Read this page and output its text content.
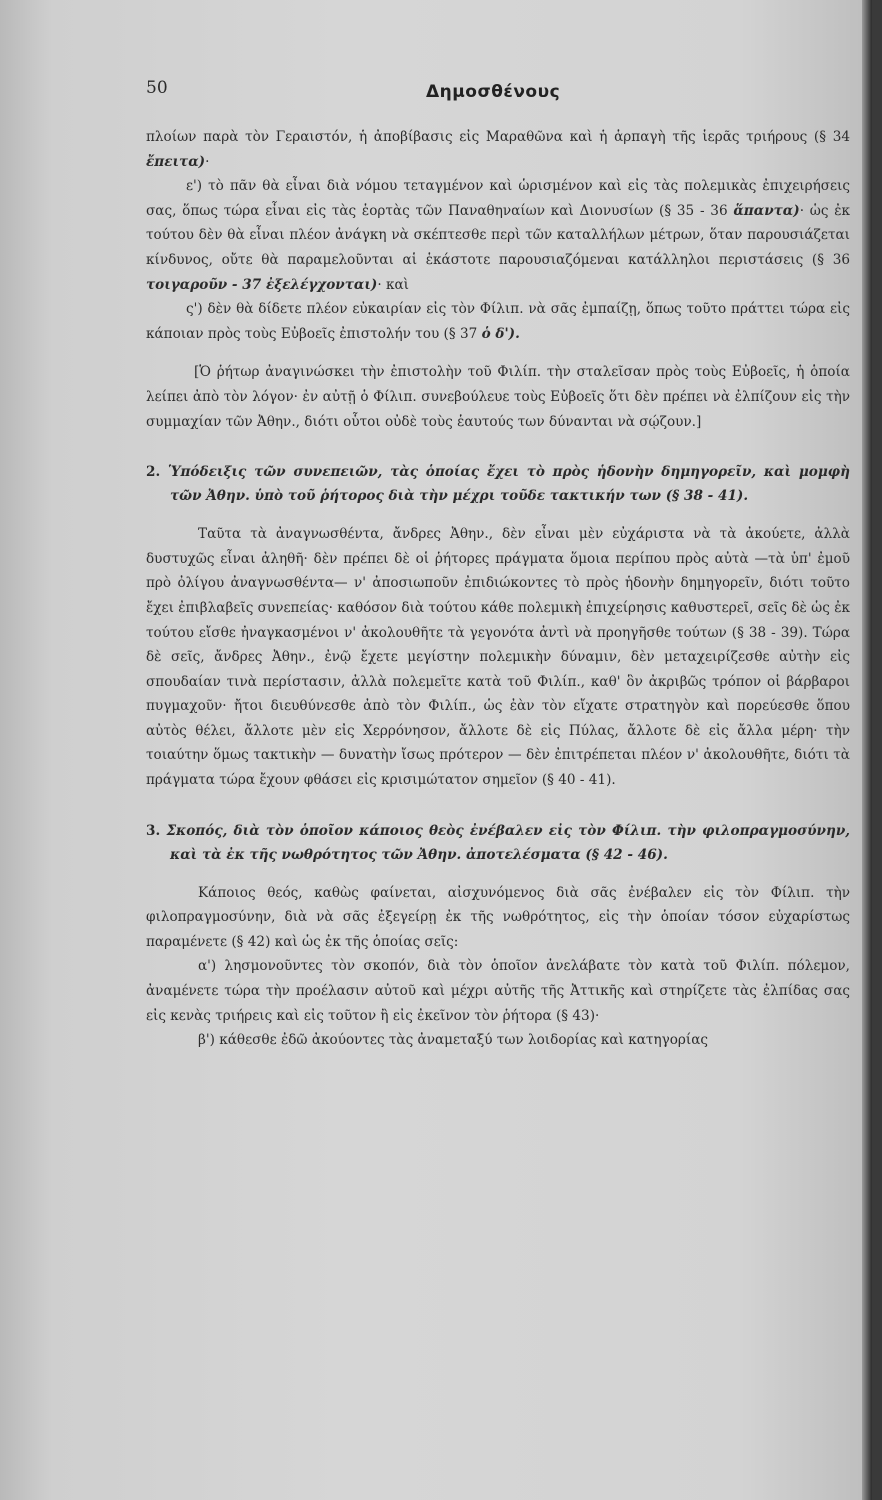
50	Δημοσθένους

πλοίων παρὰ τὸν Γεραιστόν, ἡ ἀποβίβασις εἰς Μαραθῶνα καὶ ἡ ἁρπαγὴ τῆς ἱερᾶς τριήρους (§ 34 ἔπειτα)·

ε') τὸ πᾶν θὰ εἶναι διὰ νόμου τεταγμένον καὶ ὡρισμένον καὶ εἰς τὰς πολεμικὰς ἐπιχειρήσεις σας, ὅπως τώρα εἶναι εἰς τὰς ἑορτὰς τῶν Παναθηναίων καὶ Διονυσίων (§ 35 - 36 ἅπαντα)· ὡς ἐκ τούτου δὲν θὰ εἶναι πλέον ἀνάγκη νὰ σκέπτεσθε περὶ τῶν καταλλήλων μέτρων, ὅταν παρουσιάζεται κίνδυνος, οὔτε θὰ παραμελοῦνται αἱ ἑκάστοτε παρουσιαζόμεναι κατάλληλοι περιστάσεις (§ 36 τοιγαροῦν - 37 ἐξελέγχονται)· καὶ

ς') δὲν θὰ δίδετε πλέον εὐκαιρίαν εἰς τὸν Φίλιπ. νὰ σᾶς ἐμπαίζῃ, ὅπως τοῦτο πράττει τώρα εἰς κάποιαν πρὸς τοὺς Εὐβοεῖς ἐπιστολήν του (§ 37 ὁ δ').

[Ὁ ῥήτωρ ἀναγινώσκει τὴν ἐπιστολὴν τοῦ Φιλίπ. τὴν σταλεῖσαν πρὸς τοὺς Εὐβοεῖς, ἡ ὁποία λείπει ἀπὸ τὸν λόγον· ἐν αὐτῇ ὁ Φίλιπ. συνεβούλευε τοὺς Εὐβοεῖς ὅτι δὲν πρέπει νὰ ἐλπίζουν εἰς τὴν συμμαχίαν τῶν Ἀθην., διότι οὗτοι οὐδὲ τοὺς ἑαυτούς των δύνανται νὰ σῴζουν.]

2. Ὑπόδειξις τῶν συνεπειῶν, τὰς ὁποίας ἔχει τὸ πρὸς ἡδονὴν δημηγορεῖν, καὶ μομφὴ τῶν Ἀθην. ὑπὸ τοῦ ῥήτορος διὰ τὴν μέχρι τοῦδε τακτικήν των (§ 38 - 41).

Ταῦτα τὰ ἀναγνωσθέντα, ἄνδρες Ἀθην., δὲν εἶναι μὲν εὐχάριστα νὰ τὰ ἀκούετε, ἀλλὰ δυστυχῶς εἶναι ἀληθῆ· δὲν πρέπει δὲ οἱ ῥήτορες πράγματα ὅμοια περίπου πρὸς αὐτὰ —τὰ ὑπ' ἐμοῦ πρὸ ὀλίγου ἀναγνωσθέντα— ν' ἀποσιωποῦν ἐπιδιώκοντες τὸ πρὸς ἡδονὴν δημηγορεῖν, διότι τοῦτο ἔχει ἐπιβλαβεῖς συνεπείας· καθόσον διὰ τούτου κάθε πολεμικὴ ἐπιχείρησις καθυστερεῖ, σεῖς δὲ ὡς ἐκ τούτου εἴσθε ἠναγκασμένοι ν' ἀκολουθῆτε τὰ γεγονότα ἀντὶ νὰ προηγῆσθε τούτων (§ 38 - 39). Τώρα δὲ σεῖς, ἄνδρες Ἀθην., ἐνῷ ἔχετε μεγίστην πολεμικὴν δύναμιν, δὲν μεταχειρίζεσθε αὐτὴν εἰς σπουδαίαν τινὰ περίστασιν, ἀλλὰ πολεμεῖτε κατὰ τοῦ Φιλίπ., καθ' ὃν ἀκριβῶς τρόπον οἱ βάρβαροι πυγμαχοῦν· ἤτοι διευθύνεσθε ἀπὸ τὸν Φιλίπ., ὡς ἐὰν τὸν εἴχατε στρατηγὸν καὶ πορεύεσθε ὅπου αὐτὸς θέλει, ἄλλοτε μὲν εἰς Χερρόνησον, ἄλλοτε δὲ εἰς Πύλας, ἄλλοτε δὲ εἰς ἄλλα μέρη· τὴν τοιαύτην ὅμως τακτικὴν — δυνατὴν ἴσως πρότερον — δὲν ἐπιτρέπεται πλέον ν' ἀκολουθῆτε, διότι τὰ πράγματα τώρα ἔχουν φθάσει εἰς κρισιμώτατον σημεῖον (§ 40 - 41).

3. Σκοπός, διὰ τὸν ὁποῖον κάποιος θεὸς ἐνέβαλεν εἰς τὸν Φίλιπ. τὴν φιλοπραγμοσύνην, καὶ τὰ ἐκ τῆς νωθρότητος τῶν Ἀθην. ἀποτελέσματα (§ 42 - 46).

Κάποιος θεός, καθὼς φαίνεται, αἰσχυνόμενος διὰ σᾶς ἐνέβαλεν εἰς τὸν Φίλιπ. τὴν φιλοπραγμοσύνην, διὰ νὰ σᾶς ἐξεγείρῃ ἐκ τῆς νωθρότητος, εἰς τὴν ὁποίαν τόσον εὐχαρίστως παραμένετε (§ 42) καὶ ὡς ἐκ τῆς ὁποίας σεῖς:

α') λησμονοῦντες τὸν σκοπόν, διὰ τὸν ὁποῖον ἀνελάβατε τὸν κατὰ τοῦ Φιλίπ. πόλεμον, ἀναμένετε τώρα τὴν προέλασιν αὐτοῦ καὶ μέχρι αὐτῆς τῆς Ἀττικῆς καὶ στηρίζετε τὰς ἐλπίδας σας εἰς κενὰς τριήρεις καὶ εἰς τοῦτον ἢ εἰς ἐκεῖνον τὸν ῥήτορα (§ 43)·

β') κάθεσθε ἐδῶ ἀκούοντες τὰς ἀναμεταξύ των λοιδορίας καὶ κατηγορίας
